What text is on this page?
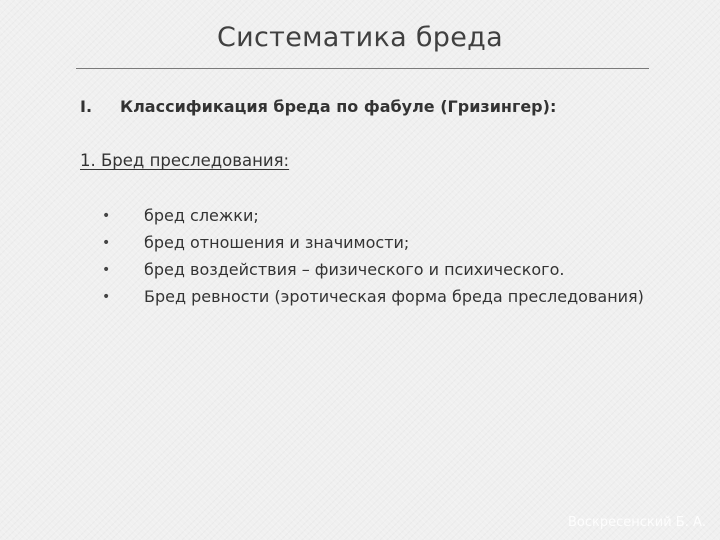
Систематика бреда
I. Классификация бреда по фабуле (Гризингер):
1. Бред преследования:
• бред слежки;
• бред отношения и значимости;
• бред воздействия – физического и психического.
• Бред ревности (эротическая форма бреда преследования)
Воскресенский Б. А.
